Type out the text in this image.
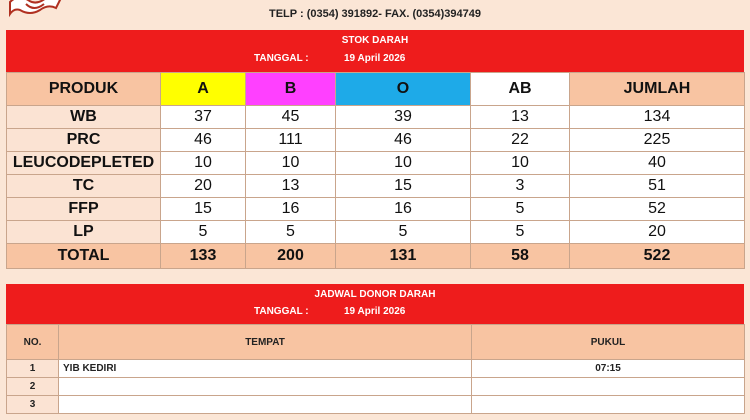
TELP : (0354) 391892- FAX. (0354)394749
STOK DARAH
TANGGAL :	19 April 2026
PRODUK	A	B	O	AB	JUMLAH
WB	37	45	39	13	134
PRC	46	111	46	22	225
LEUCODEPLETED	10	10	10	10	40
TC	20	13	15	3	51
FFP	15	16	16	5	52
LP	5	5	5	5	20
TOTAL	133	200	131	58	522
JADWAL DONOR DARAH
TANGGAL :	19 April 2026
NO.	TEMPAT	PUKUL
1	YIB KEDIRI	07:15
2		
3		
